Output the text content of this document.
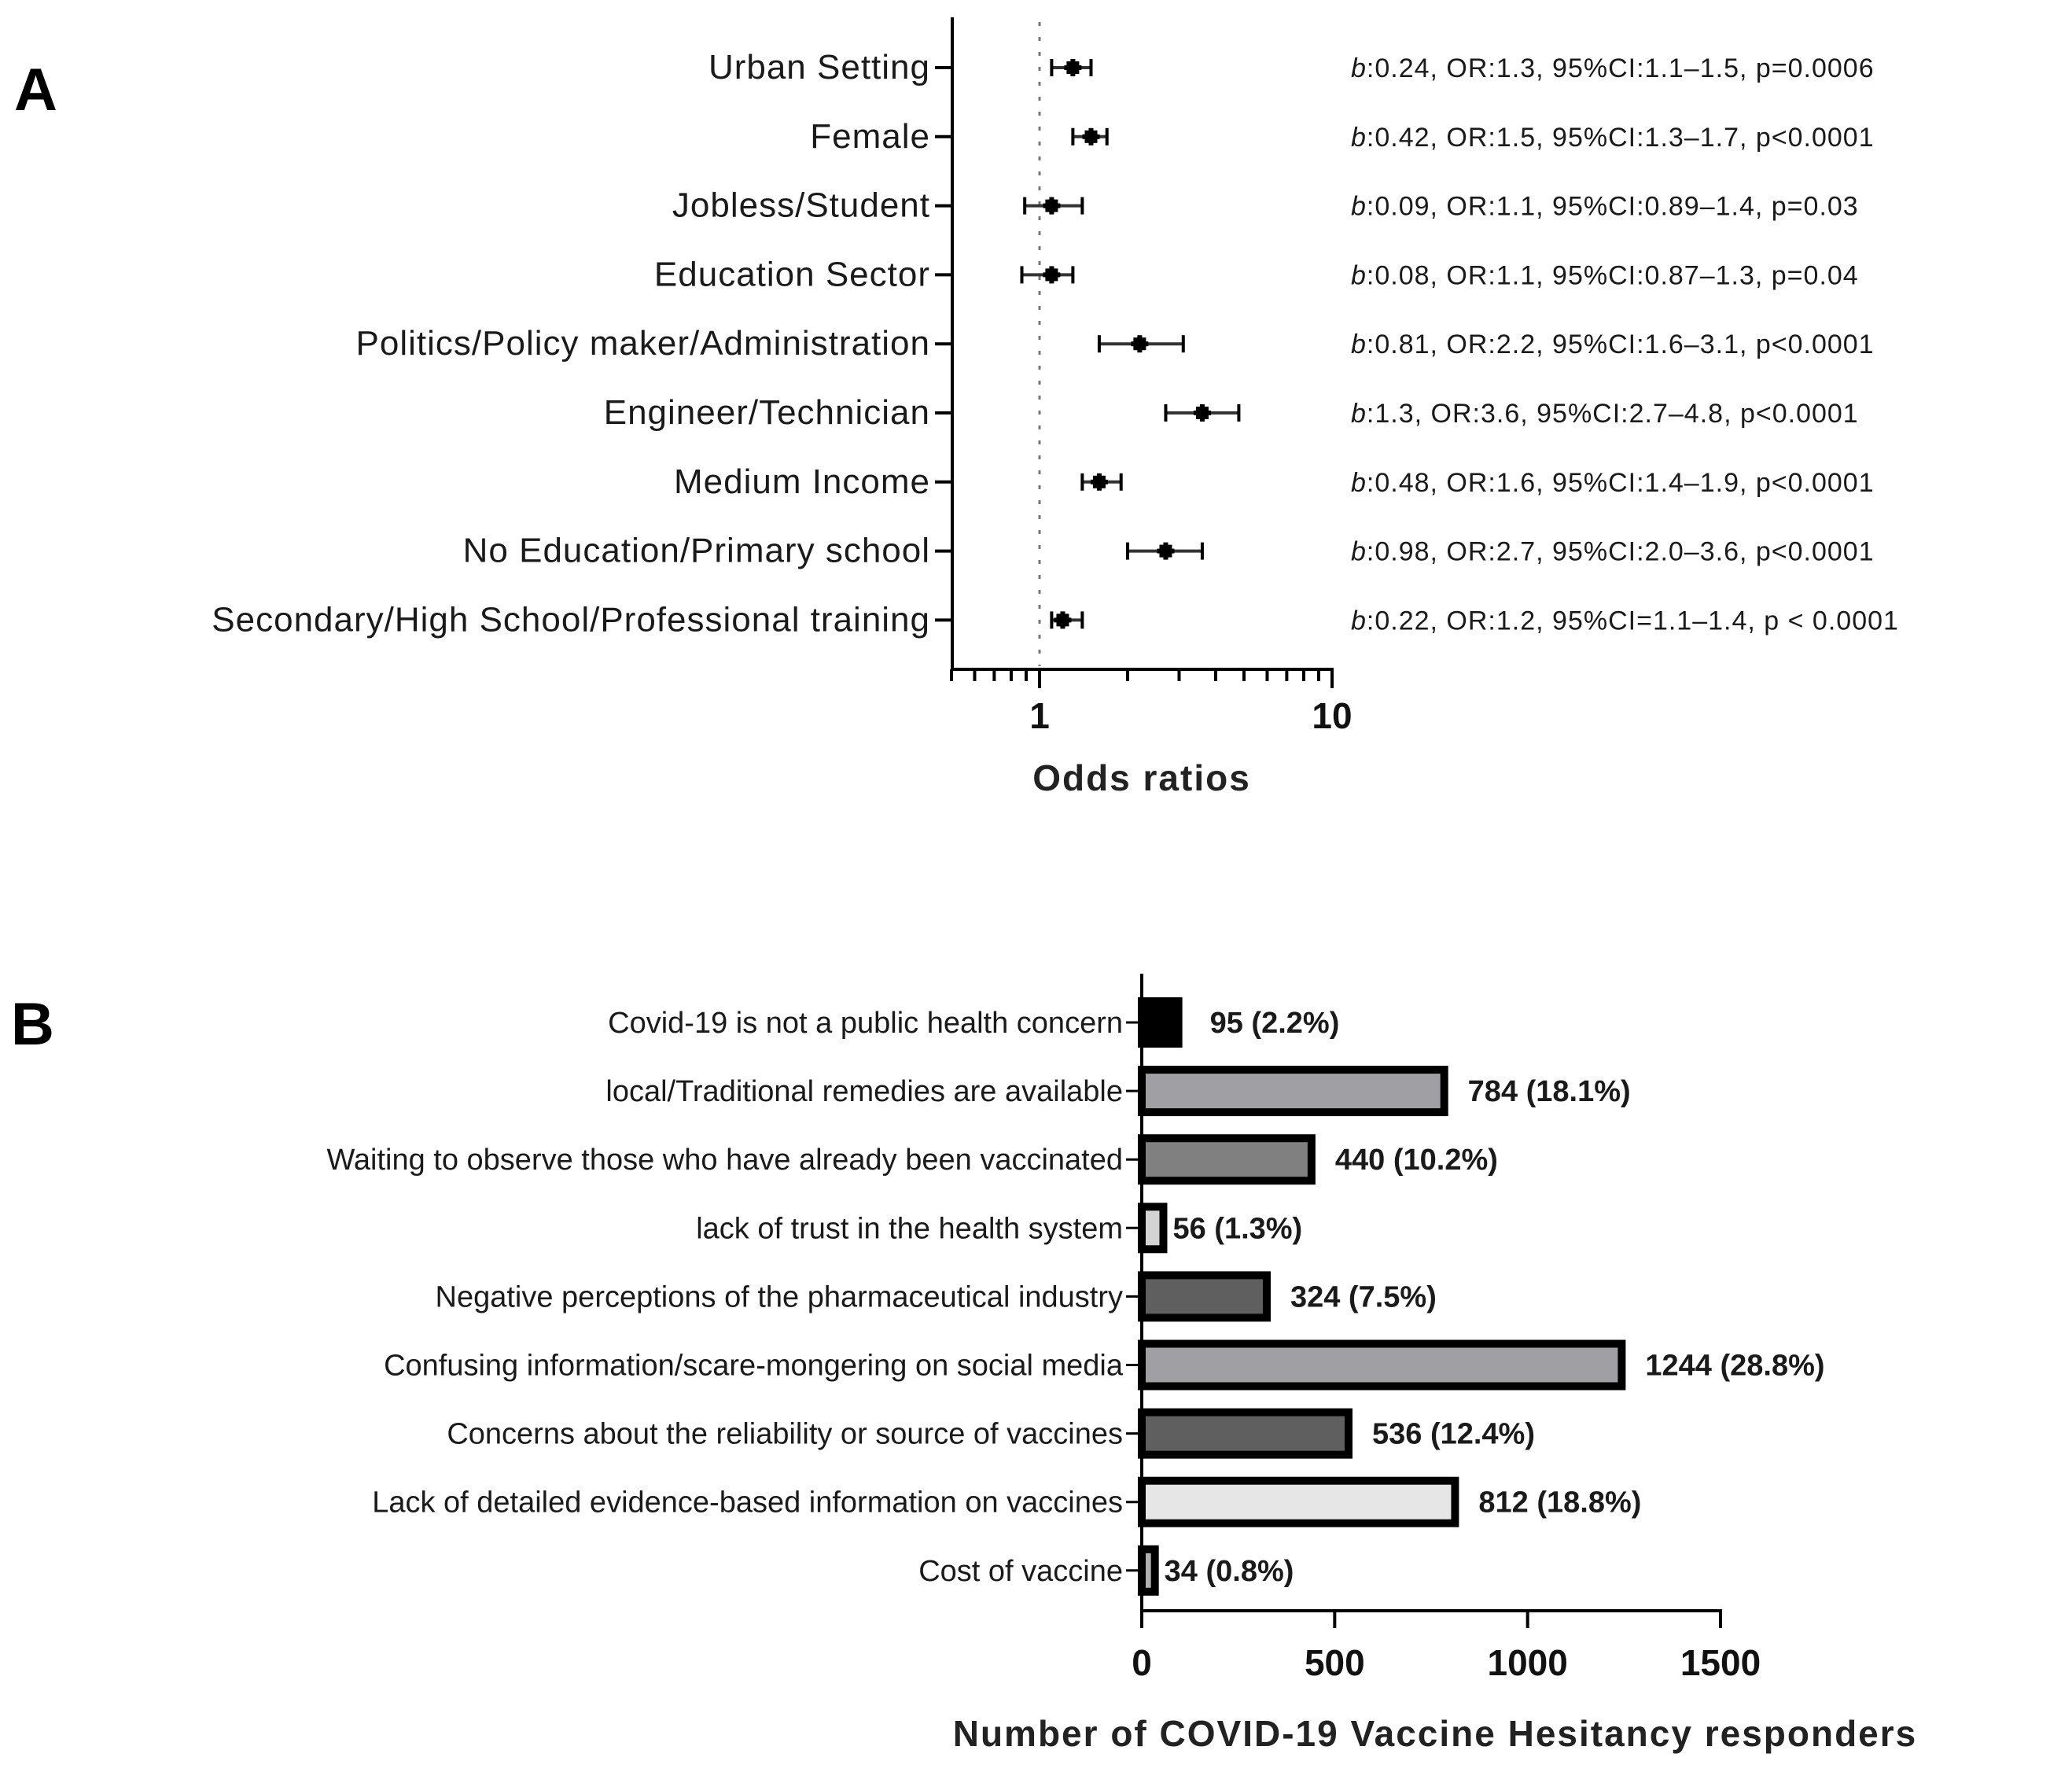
A
1	10
Urban Setting	b:0.24, OR:1.3, 95%CI:1.1–1.5, p=0.0006
Female	b:0.42, OR:1.5, 95%CI:1.3–1.7, p<0.0001
Jobless/Student	b:0.09, OR:1.1, 95%CI:0.89–1.4, p=0.03
Education Sector	b:0.08, OR:1.1, 95%CI:0.87–1.3, p=0.04
Politics/Policy maker/Administration	b:0.81, OR:2.2, 95%CI:1.6–3.1, p<0.0001
Engineer/Technician	b:1.3, OR:3.6, 95%CI:2.7–4.8, p<0.0001
Medium Income	b:0.48, OR:1.6, 95%CI:1.4–1.9, p<0.0001
No Education/Primary school	b:0.98, OR:2.7, 95%CI:2.0–3.6, p<0.0001
Secondary/High School/Professional training	b:0.22, OR:1.2, 95%CI=1.1–1.4, p < 0.0001
Odds ratios
B
0	500	1000	1500
Covid-19 is not a public health concern	95 (2.2%)
local/Traditional remedies are available	784 (18.1%)
Waiting to observe those who have already been vaccinated	440 (10.2%)
lack of trust in the health system 56 (1.3%)
Negative perceptions of the pharmaceutical industry	324 (7.5%)
Confusing information/scare-mongering on social media	1244 (28.8%)
Concerns about the reliability or source of vaccines	536 (12.4%)
Lack of detailed evidence-based information on vaccines	812 (18.8%)
Cost of vaccine 34 (0.8%)
Number of COVID-19 Vaccine Hesitancy responders
